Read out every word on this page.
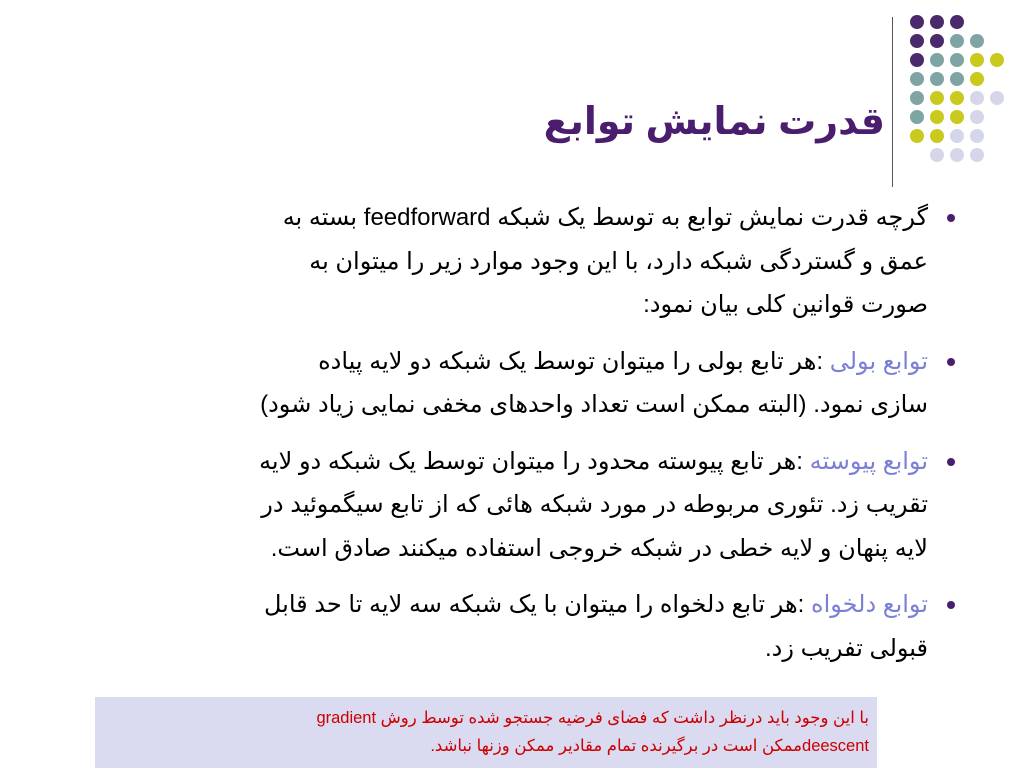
قدرت نمایش توابع
گرچه قدرت نمایش توابع به توسط یک شبکه feedforward بسته به
عمق و گستردگی شبکه دارد، با این وجود موارد زیر را میتوان به
صورت قوانین کلی بیان نمود:
توابع بولی :هر تابع بولی را میتوان توسط یک شبکه دو لایه پیاده
سازی نمود. (البته ممکن است تعداد واحدهای مخفی نمایی زیاد شود)
توابع پیوسته :هر تابع پیوسته محدود را میتوان توسط یک شبکه دو لایه
تقریب زد. تئوری مربوطه در مورد شبکه هائی که از تابع سیگموئید در
لایه پنهان و لایه خطی در شبکه خروجی استفاده میکنند صادق است.
توابع دلخواه :هر تابع دلخواه را میتوان با یک شبکه سه لایه تا حد قابل
قبولی تفریب زد.
با این وجود باید درنظر داشت که فضای فرضیه جستجو شده توسط روش gradient
deescentممکن است در برگیرنده تمام مقادیر ممکن وزنها نباشد.
